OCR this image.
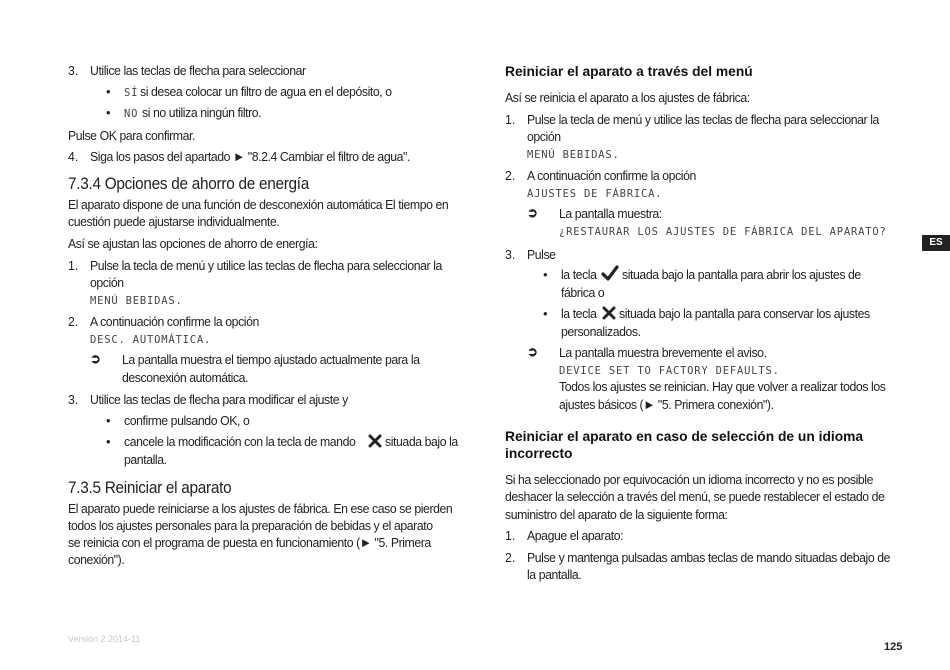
3. Utilice las teclas de flecha para seleccionar
• SÍ si desea colocar un filtro de agua en el depósito, o
• NO si no utiliza ningún filtro.
Pulse OK para confirmar.
4. Siga los pasos del apartado ► "8.2.4 Cambiar el filtro de agua".
7.3.4 Opciones de ahorro de energía
El aparato dispone de una función de desconexión automática El tiempo en
cuestión puede ajustarse individualmente.
Así se ajustan las opciones de ahorro de energía:
1. Pulse la tecla de menú y utilice las teclas de flecha para seleccionar la
opción
MENÚ BEBIDAS.
2. A continuación confirme la opción
DESC. AUTOMÁTICA.
➲ La pantalla muestra el tiempo ajustado actualmente para la
desconexión automática.
3. Utilice las teclas de flecha para modificar el ajuste y
• confirme pulsando OK, o
• cancele la modificación con la tecla de mando situada bajo la
pantalla.
7.3.5 Reiniciar el aparato
El aparato puede reiniciarse a los ajustes de fábrica. En ese caso se pierden
todos los ajustes personales para la preparación de bebidas y el aparato
se reinicia con el programa de puesta en funcionamiento (► "5. Primera
conexión").
Reiniciar el aparato a través del menú
Así se reinicia el aparato a los ajustes de fábrica:
1. Pulse la tecla de menú y utilice las teclas de flecha para seleccionar la
opción
MENÚ BEBIDAS.
2. A continuación confirme la opción
AJUSTES DE FÁBRICA.
➲ La pantalla muestra:
¿RESTAURAR LOS AJUSTES DE FÁBRICA DEL APARATO?
3. Pulse
• la tecla situada bajo la pantalla para abrir los ajustes de
fábrica o
• la tecla situada bajo la pantalla para conservar los ajustes
personalizados.
➲ La pantalla muestra brevemente el aviso.
DEVICE SET TO FACTORY DEFAULTS.
Todos los ajustes se reinician. Hay que volver a realizar todos los
ajustes básicos (► "5. Primera conexión").
Reiniciar el aparato en caso de selección de un idioma
incorrecto
Si ha seleccionado por equivocación un idioma incorrecto y no es posible
deshacer la selección a través del menú, se puede restablecer el estado de
suministro del aparato de la siguiente forma:
1. Apague el aparato:
2. Pulse y mantenga pulsadas ambas teclas de mando situadas debajo de
la pantalla.
ES
Versión 2 2014-11
125
